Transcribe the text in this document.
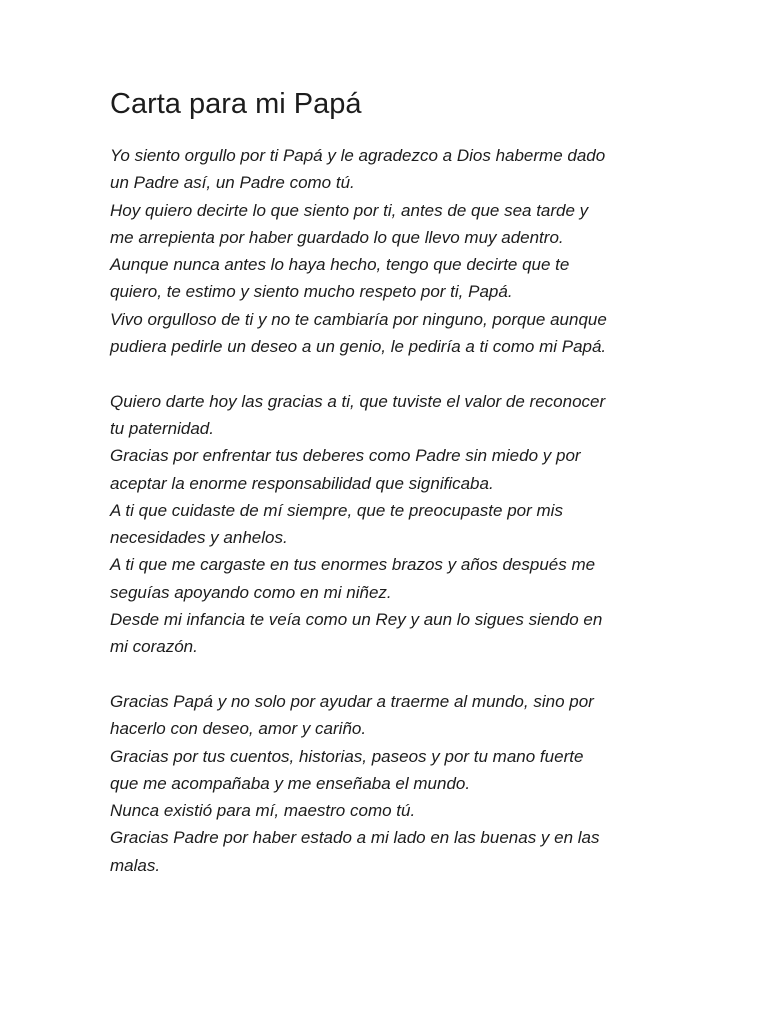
Carta para mi Papá
Yo siento orgullo por ti Papá y le agradezco a Dios haberme dado
un Padre así, un Padre como tú.
Hoy quiero decirte lo que siento por ti, antes de que sea tarde y
me arrepienta por haber guardado lo que llevo muy adentro.
Aunque nunca antes lo haya hecho, tengo que decirte que te
quiero, te estimo y siento mucho respeto por ti, Papá.
Vivo orgulloso de ti y no te cambiaría por ninguno, porque aunque
pudiera pedirle un deseo a un genio, le pediría a ti como mi Papá.
Quiero darte hoy las gracias a ti, que tuviste el valor de reconocer
tu paternidad.
Gracias por enfrentar tus deberes como Padre sin miedo y por
aceptar la enorme responsabilidad que significaba.
A ti que cuidaste de mí siempre, que te preocupaste por mis
necesidades y anhelos.
A ti que me cargaste en tus enormes brazos y años después me
seguías apoyando como en mi niñez.
Desde mi infancia te veía como un Rey y aun lo sigues siendo en
mi corazón.
Gracias Papá y no solo por ayudar a traerme al mundo, sino por
hacerlo con deseo, amor y cariño.
Gracias por tus cuentos, historias, paseos y por tu mano fuerte
que me acompañaba y me enseñaba el mundo.
Nunca existió para mí, maestro como tú.
Gracias Padre por haber estado a mi lado en las buenas y en las
malas.
